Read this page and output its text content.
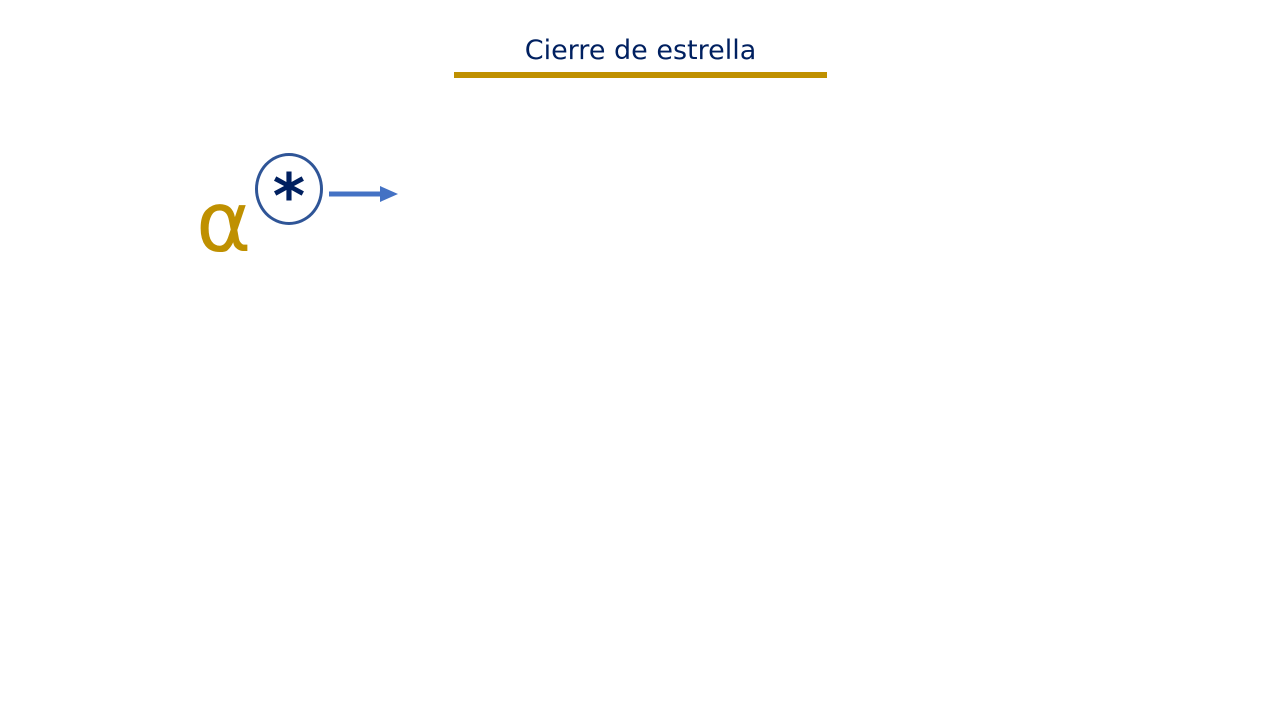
Cierre de estrella
α *
